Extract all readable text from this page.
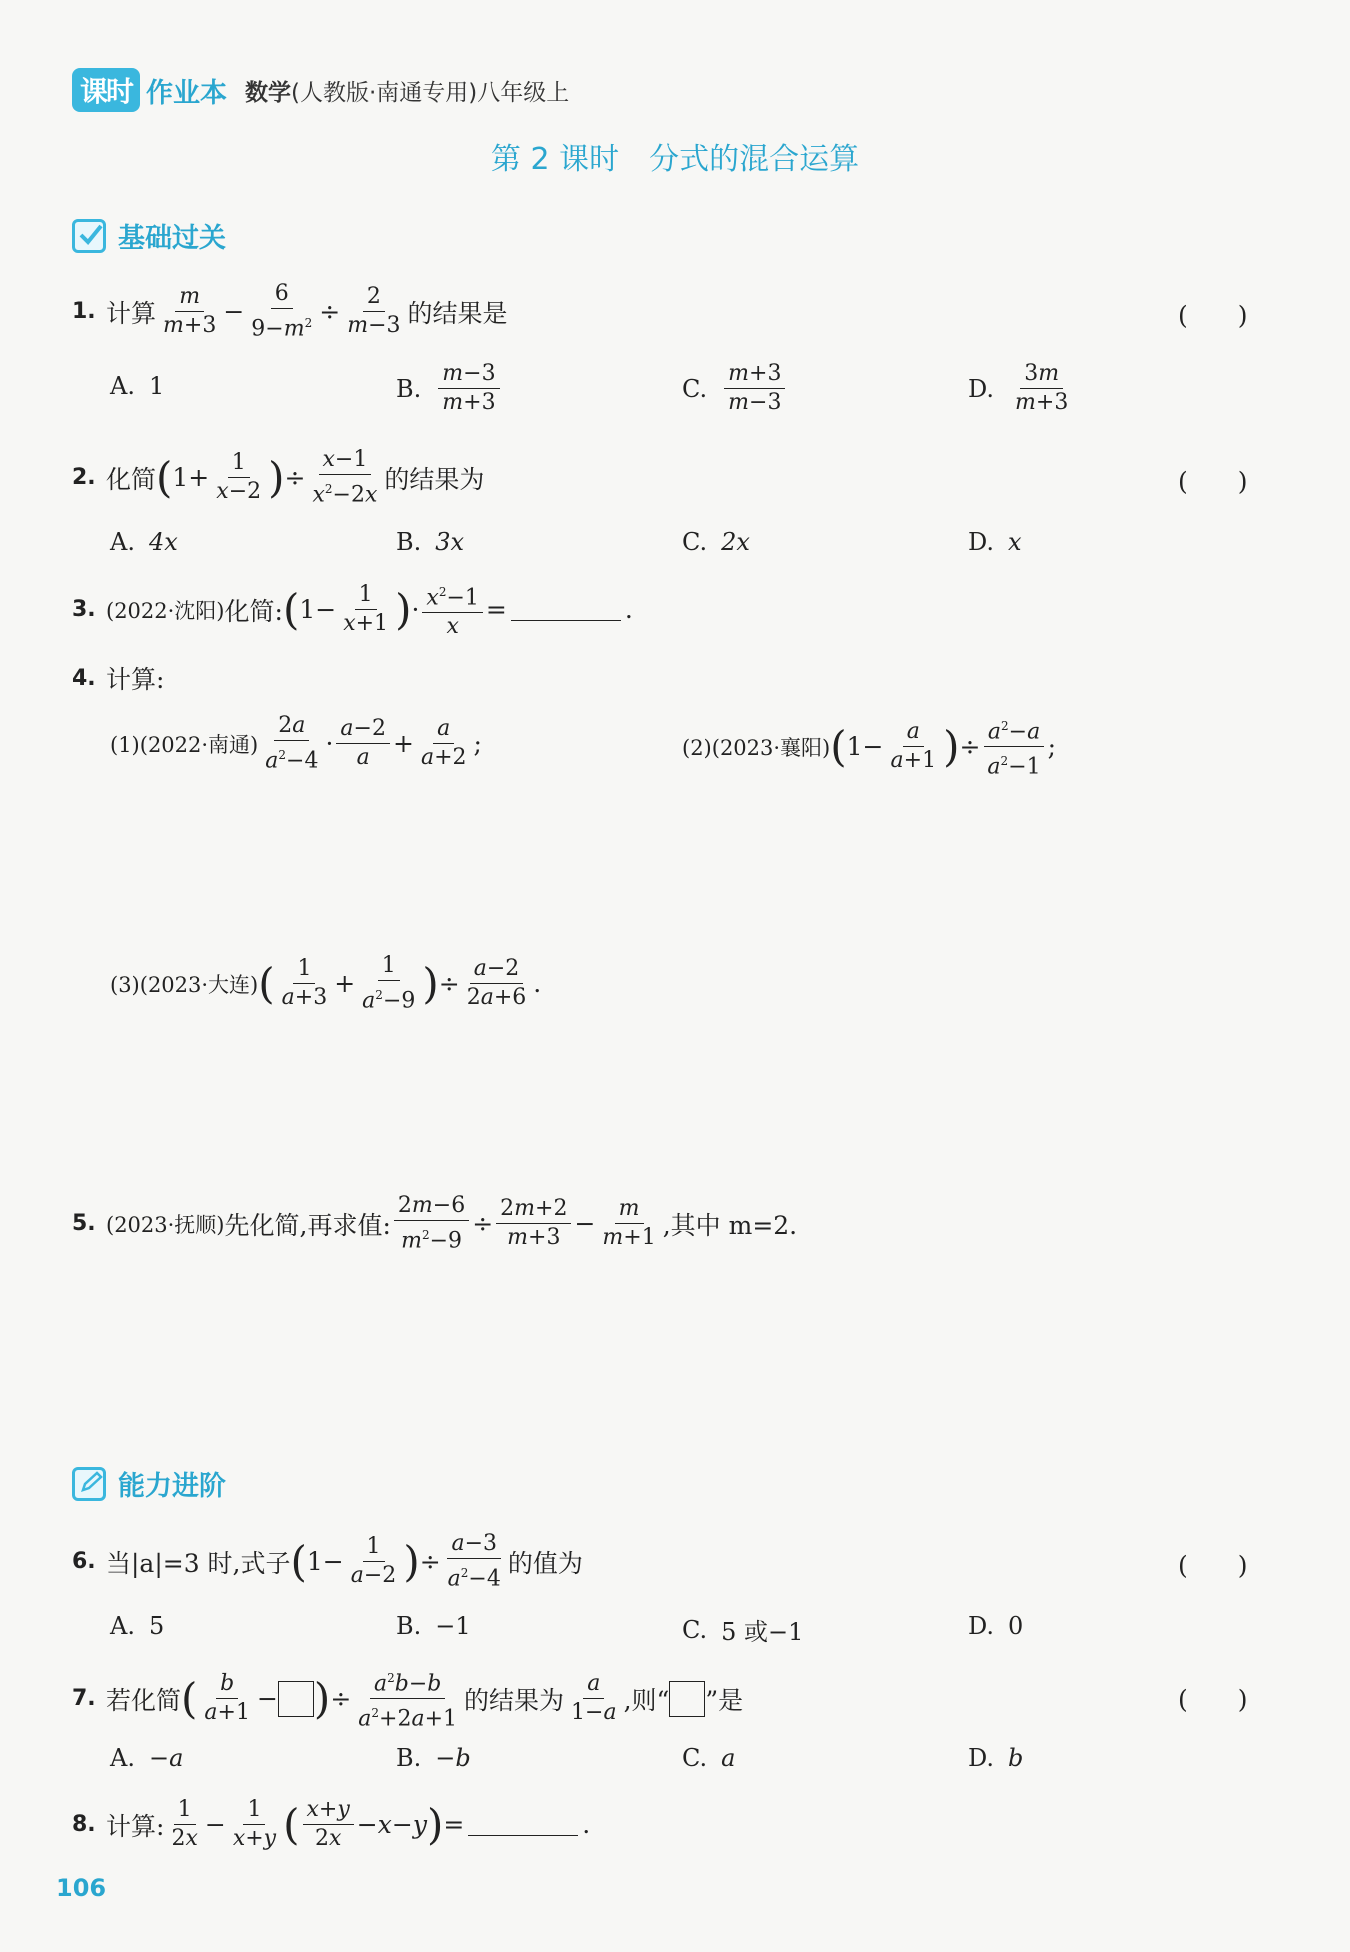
课时 作业本 数学(人教版·南通专用)八年级上
第 2 课时　分式的混合运算
基础过关
1. 计算 $\frac{m}{m+3} - \frac{6}{9-m^2} \div \frac{2}{m-3}$ 的结果是	(　　)
A. 1	B. $\frac{m-3}{m+3}$	C. $\frac{m+3}{m-3}$	D. $\frac{3m}{m+3}$
2. 化简 ( $1+ \frac{1}{x-2}$ ) ÷ $\frac{x-1}{x^2-2x}$ 的结果为	(　　)
A. 4x	B. 3x	C. 2x	D. x
3. (2022·沈阳) 化简: ( $1- \frac{1}{x+1}$ ) · $\frac{x^2-1}{x}$ =	.
4. 计算:
(1)(2022·南通) $\frac{2a}{a^2-4} \cdot \frac{a-2}{a} + \frac{a}{a+2}$ ;	(2)(2023·襄阳) ( $1- \frac{a}{a+1}$ ) ÷ $\frac{a^2-a}{a^2-1}$ ;
(3)(2023·大连) ( $\frac{1}{a+3} + \frac{1}{a^2-9}$ ) ÷ $\frac{a-2}{2a+6}$ .
5. (2023·抚顺) 先化简,再求值: $\frac{2m-6}{m^2-9} \div \frac{2m+2}{m+3} - \frac{m}{m+1}$ ,其中 m=2.
能力进阶
6. 当|a|=3 时,式子 ( $1- \frac{1}{a-2}$ ) ÷ $\frac{a-3}{a^2-4}$ 的值为	(　　)
A. 5	B. −1	C. 5 或−1	D. 0
7. 若化简 ( $\frac{b}{a+1}$ − ) ÷ $\frac{a^2b-b}{a^2+2a+1}$ 的结果为 $\frac{a}{1-a}$ ,则“ ”是	(　　)
A. −a	B. −b	C. a	D. b
8. 计算: $\frac{1}{2x} - \frac{1}{x+y}$ ( $\frac{x+y}{2x} -x-y$ ) =	.
106
